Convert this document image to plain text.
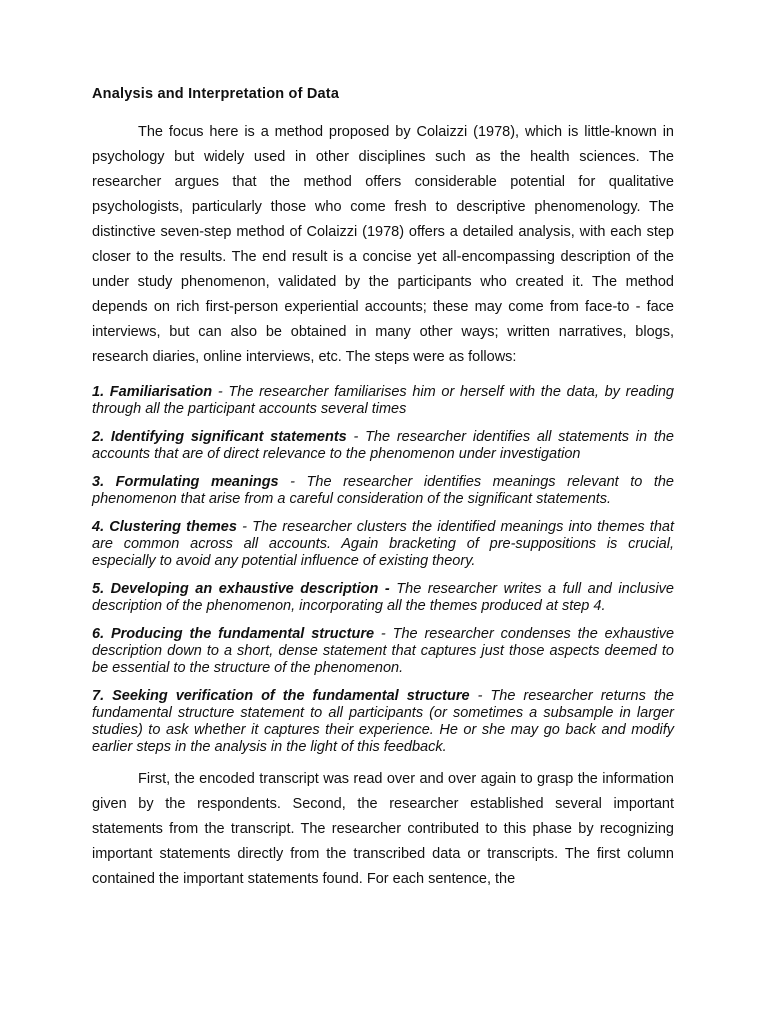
Analysis and Interpretation of Data

The focus here is a method proposed by Colaizzi (1978), which is little-known in psychology but widely used in other disciplines such as the health sciences. The researcher argues that the method offers considerable potential for qualitative psychologists, particularly those who come fresh to descriptive phenomenology. The distinctive seven-step method of Colaizzi (1978) offers a detailed analysis, with each step closer to the results. The end result is a concise yet all-encompassing description of the under study phenomenon, validated by the participants who created it. The method depends on rich first-person experiential accounts; these may come from face-to - face interviews, but can also be obtained in many other ways; written narratives, blogs, research diaries, online interviews, etc. The steps were as follows:

1. Familiarisation - The researcher familiarises him or herself with the data, by reading through all the participant accounts several times
2. Identifying significant statements - The researcher identifies all statements in the accounts that are of direct relevance to the phenomenon under investigation
3. Formulating meanings - The researcher identifies meanings relevant to the phenomenon that arise from a careful consideration of the significant statements.
4. Clustering themes - The researcher clusters the identified meanings into themes that are common across all accounts. Again bracketing of pre-suppositions is crucial, especially to avoid any potential influence of existing theory.
5. Developing an exhaustive description - The researcher writes a full and inclusive description of the phenomenon, incorporating all the themes produced at step 4.
6. Producing the fundamental structure - The researcher condenses the exhaustive description down to a short, dense statement that captures just those aspects deemed to be essential to the structure of the phenomenon.
7. Seeking verification of the fundamental structure - The researcher returns the fundamental structure statement to all participants (or sometimes a subsample in larger studies) to ask whether it captures their experience. He or she may go back and modify earlier steps in the analysis in the light of this feedback.

First, the encoded transcript was read over and over again to grasp the information given by the respondents. Second, the researcher established several important statements from the transcript. The researcher contributed to this phase by recognizing important statements directly from the transcribed data or transcripts. The first column contained the important statements found. For each sentence, the
